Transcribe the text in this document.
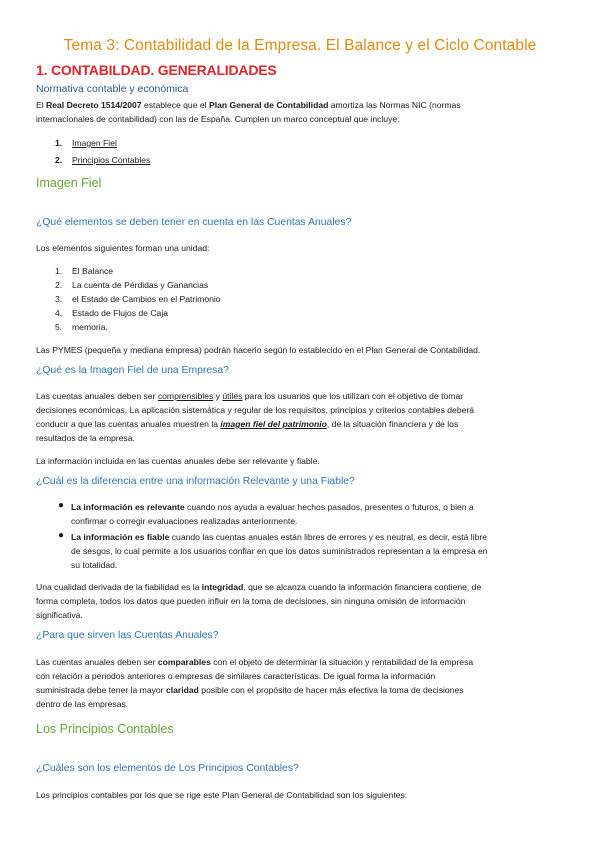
Tema 3: Contabilidad de la Empresa. El Balance y el Ciclo Contable
1. CONTABILDAD. GENERALIDADES
Normativa contable y económica
El Real Decreto 1514/2007 establece que el Plan General de Contabilidad amortiza las Normas NIC (normas
internacionales de contabilidad) con las de España. Cumplen un marco conceptual que incluye:
1. Imagen Fiel
2. Principios Contables
Imagen Fiel
¿Qué elementos se deben tener en cuenta en las Cuentas Anuales?
Los elementos siguientes forman una unidad:
1. El Balance
2. La cuenta de Pérdidas y Ganancias
3. el Estado de Cambios en el Patrimonio
4. Estado de Flujos de Caja
5. memoria.
Las PYMES (pequeña y mediana empresa) podrán hacerlo según lo establecido en el Plan General de Contabilidad.
¿Qué es la Imagen Fiel de una Empresa?
Las cuentas anuales deben ser comprensibles y útiles para los usuarios que los utilizan con el objetivo de tomar
decisiones económicas. La aplicación sistemática y regular de los requisitos, principios y criterios contables deberá
conducir a que las cuentas anuales muestren la imagen fiel del patrimonio, de la situación financiera y de los
resultados de la empresa.
La información incluida en las cuentas anuales debe ser relevante y fiable.
¿Cuál es la diferencia entre una información Relevante y una Fiable?
● La información es relevante cuando nos ayuda a evaluar hechos pasados, presentes o futuros, o bien a
confirmar o corregir evaluaciones realizadas anteriormente.
● La información es fiable cuando las cuentas anuales están libres de errores y es neutral, es decir, está libre
de sesgos, lo cual permite a los usuarios confiar en que los datos suministrados representan a la empresa en
su totalidad.
Una cualidad derivada de la fiabilidad es la integridad, que se alcanza cuando la información financiera contiene, de
forma completa, todos los datos que pueden influir en la toma de decisiones, sin ninguna omisión de información
significativa.
¿Para que sirven las Cuentas Anuales?
Las cuentas anuales deben ser comparables con el objeto de determinar la situación y rentabilidad de la empresa
con relación a periodos anteriores o empresas de similares características. De igual forma la información
suministrada debe tener la mayor claridad posible con el propósito de hacer más efectiva la toma de decisiones
dentro de las empresas.
Los Principios Contables
¿Cuáles son los elementos de Los Principios Contables?
Los principios contables por los que se rige este Plan General de Contabilidad son los siguientes:
